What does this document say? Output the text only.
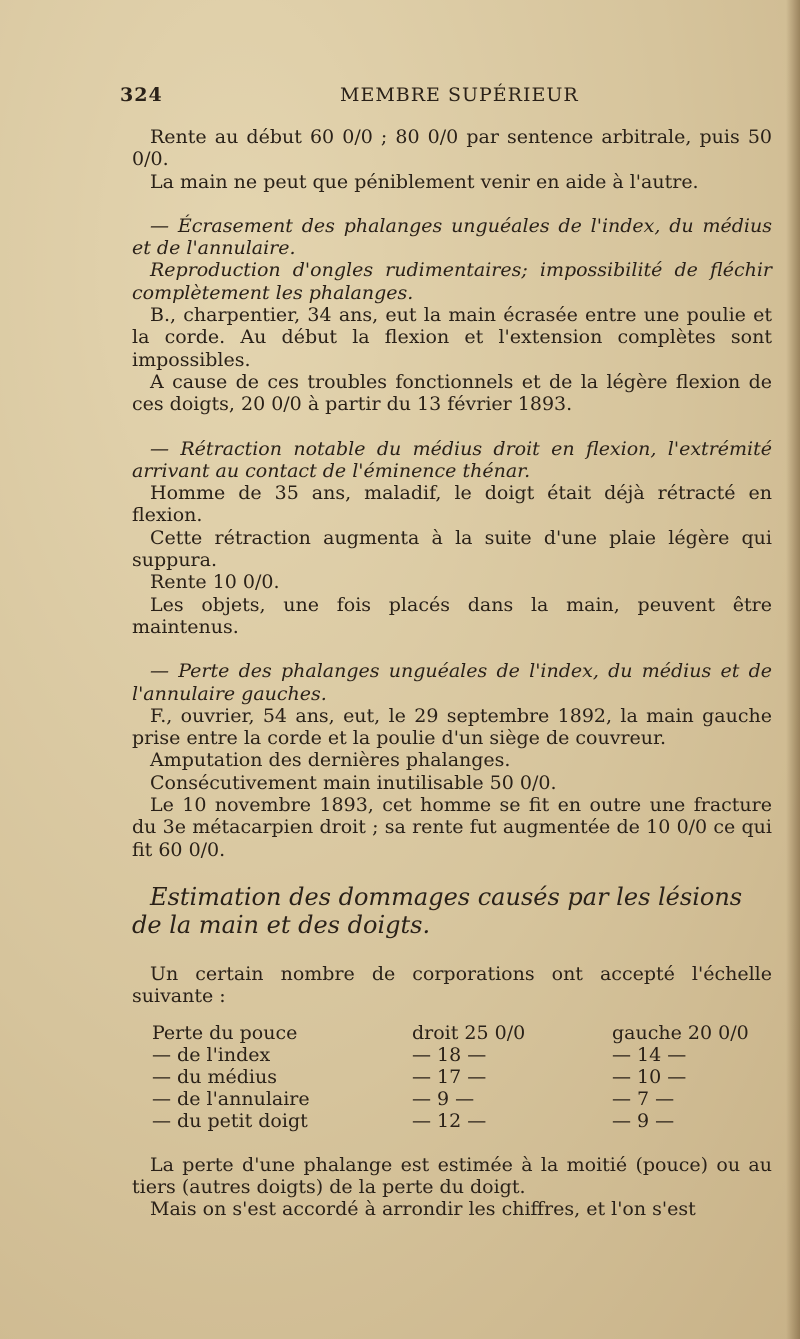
324	MEMBRE SUPÉRIEUR

Rente au début 60 0/0 ; 80 0/0 par sentence arbitrale, puis 50 0/0.

La main ne peut que péniblement venir en aide à l'autre.

— Écrasement des phalanges unguéales de l'index, du médius et de l'annulaire.

Reproduction d'ongles rudimentaires; impossibilité de fléchir complètement les phalanges.

B., charpentier, 34 ans, eut la main écrasée entre une poulie et la corde. Au début la flexion et l'extension complètes sont impossibles.

A cause de ces troubles fonctionnels et de la légère flexion de ces doigts, 20 0/0 à partir du 13 février 1893.

— Rétraction notable du médius droit en flexion, l'extrémité arrivant au contact de l'éminence thénar.

Homme de 35 ans, maladif, le doigt était déjà rétracté en flexion.

Cette rétraction augmenta à la suite d'une plaie légère qui suppura.

Rente 10 0/0.

Les objets, une fois placés dans la main, peuvent être maintenus.

— Perte des phalanges unguéales de l'index, du médius et de l'annulaire gauches.

F., ouvrier, 54 ans, eut, le 29 septembre 1892, la main gauche prise entre la corde et la poulie d'un siège de couvreur.

Amputation des dernières phalanges.

Consécutivement main inutilisable 50 0/0.

Le 10 novembre 1893, cet homme se fit en outre une fracture du 3e métacarpien droit ; sa rente fut augmentée de 10 0/0 ce qui fit 60 0/0.

Estimation des dommages causés par les lésions de la main et des doigts.

Un certain nombre de corporations ont accepté l'échelle suivante :

Perte du pouce	droit 25 0/0	gauche 20 0/0
— de l'index	— 18 —	— 14 —
— du médius	— 17 —	— 10 —
— de l'annulaire	— 9 —	— 7 —
— du petit doigt	— 12 —	— 9 —

La perte d'une phalange est estimée à la moitié (pouce) ou au tiers (autres doigts) de la perte du doigt.

Mais on s'est accordé à arrondir les chiffres, et l'on s'est
